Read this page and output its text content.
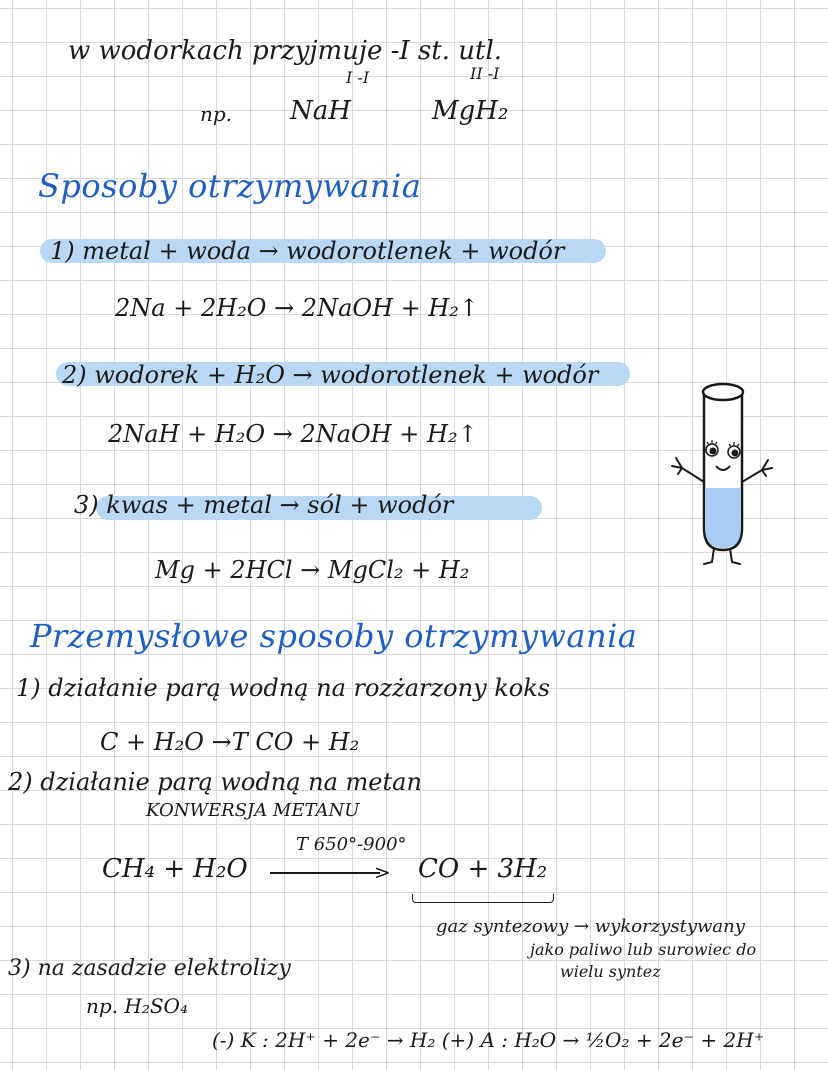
w wodorkach przyjmuje -I st. utl.
I -I	II -I
np. NaH	MgH₂
Sposoby otrzymywania
1) metal + woda → wodorotlenek + wodór
2Na + 2H₂O → 2NaOH + H₂↑
2) wodorek + H₂O → wodorotlenek + wodór
2NaH + H₂O → 2NaOH + H₂↑
3) kwas + metal → sól + wodór
Mg + 2HCl → MgCl₂ + H₂
Przemysłowe sposoby otrzymywania
1) działanie parą wodną na rozżarzony koks
C + H₂O →T CO + H₂
2) działanie parą wodną na metan
KONWERSJA METANU
T 650°-900°
CH₄ + H₂O	> CO + 3H₂
gaz syntezowy → wykorzystywany
jako paliwo lub surowiec do
wielu syntez
3) na zasadzie elektrolizy
np. H₂SO₄
(-) K : 2H⁺ + 2e⁻ → H₂ (+) A : H₂O → ½O₂ + 2e⁻ + 2H⁺
